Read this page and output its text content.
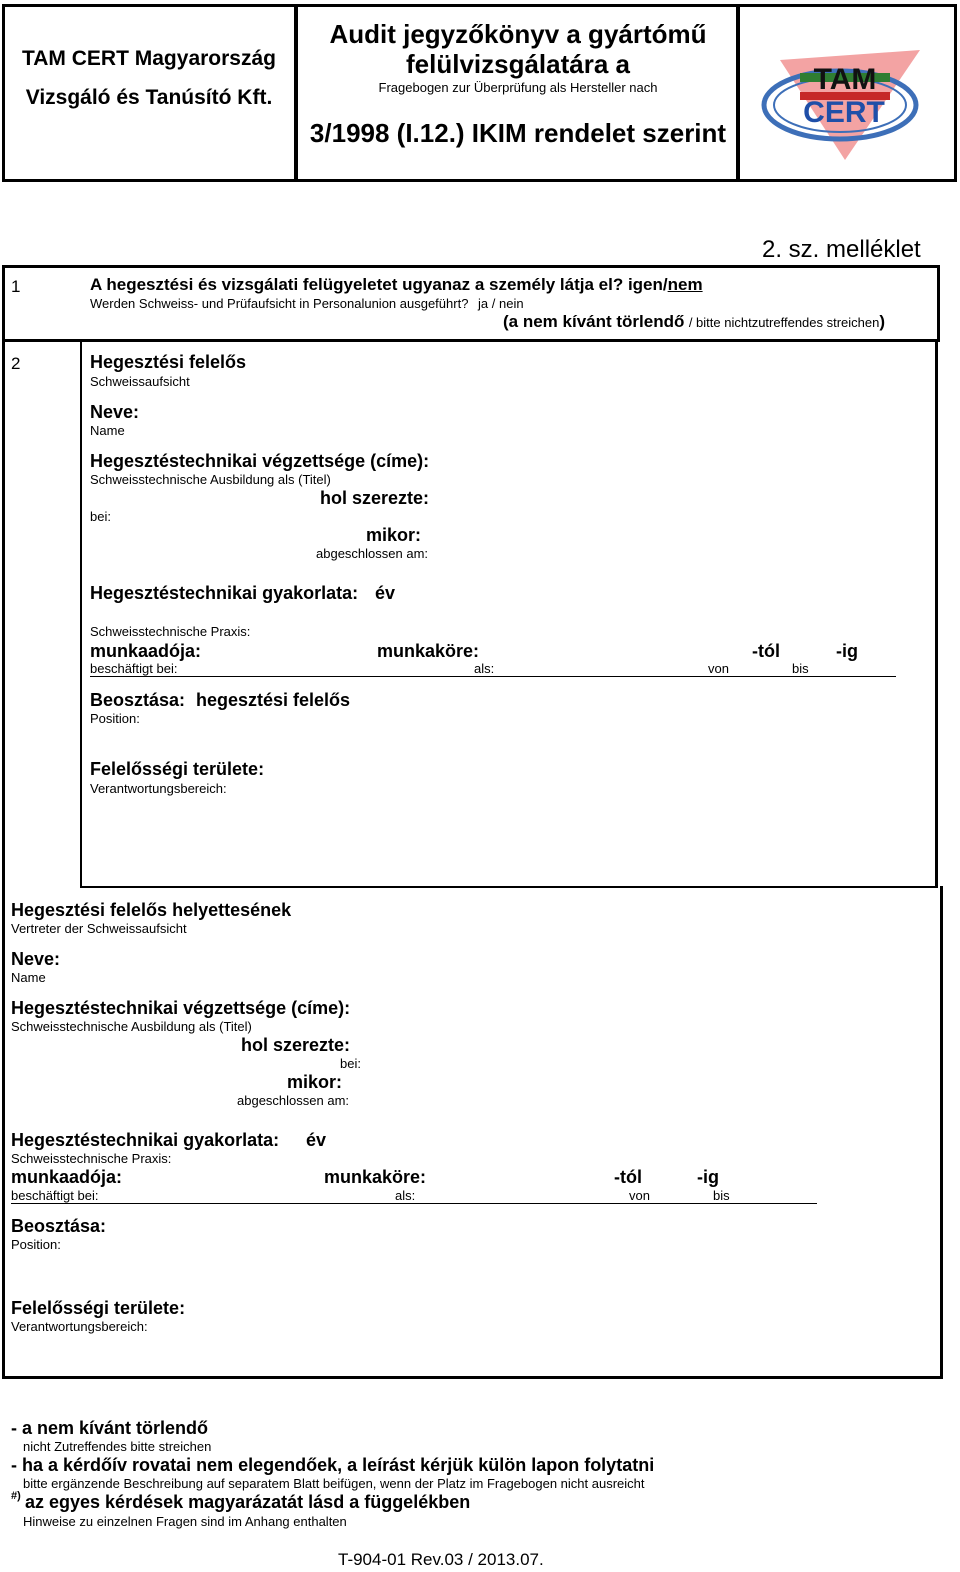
TAM CERT Magyarország
Vizsgáló és Tanúsító Kft.
Audit jegyzőkönyv a gyártómű
felülvizsgálatára a
Fragebogen zur Überprüfung als Hersteller nach
3/1998 (I.12.) IKIM rendelet szerint
TAM
CERT
2. sz. melléklet
1	A hegesztési és vizsgálati felügyeletet ugyanaz a személy látja el? igen/nem
Werden Schweiss- und Prüfaufsicht in Personalunion ausgeführt? ja / nein
(a nem kívánt törlendő / bitte nichtzutreffendes streichen)
2	Hegesztési felelős
Schweissaufsicht
Neve:
Name
Hegesztéstechnikai végzettsége (címe):
Schweisstechnische Ausbildung als (Titel)
hol szerezte:
bei:
mikor:
abgeschlossen am:
Hegesztéstechnikai gyakorlata: év
Schweisstechnische Praxis:
munkaadója:	munkaköre:	-tól	-ig
beschäftigt bei:	als:	von	bis
Beosztása: hegesztési felelős
Position:
Felelősségi területe:
Verantwortungsbereich:
Hegesztési felelős helyettesének
Vertreter der Schweissaufsicht
Neve:
Name
Hegesztéstechnikai végzettsége (címe):
Schweisstechnische Ausbildung als (Titel)
hol szerezte:
bei:
mikor:
abgeschlossen am:
Hegesztéstechnikai gyakorlata: év
Schweisstechnische Praxis:
munkaadója:	munkaköre:	-tól	-ig
beschäftigt bei:	als:	von	bis
Beosztása:
Position:
Felelősségi területe:
Verantwortungsbereich:
- a nem kívánt törlendő
nicht Zutreffendes bitte streichen
- ha a kérdőív rovatai nem elegendőek, a leírást kérjük külön lapon folytatni
bitte ergänzende Beschreibung auf separatem Blatt beifügen, wenn der Platz im Fragebogen nicht ausreicht
#) az egyes kérdések magyarázatát lásd a függelékben
Hinweise zu einzelnen Fragen sind im Anhang enthalten
T-904-01 Rev.03 / 2013.07.
